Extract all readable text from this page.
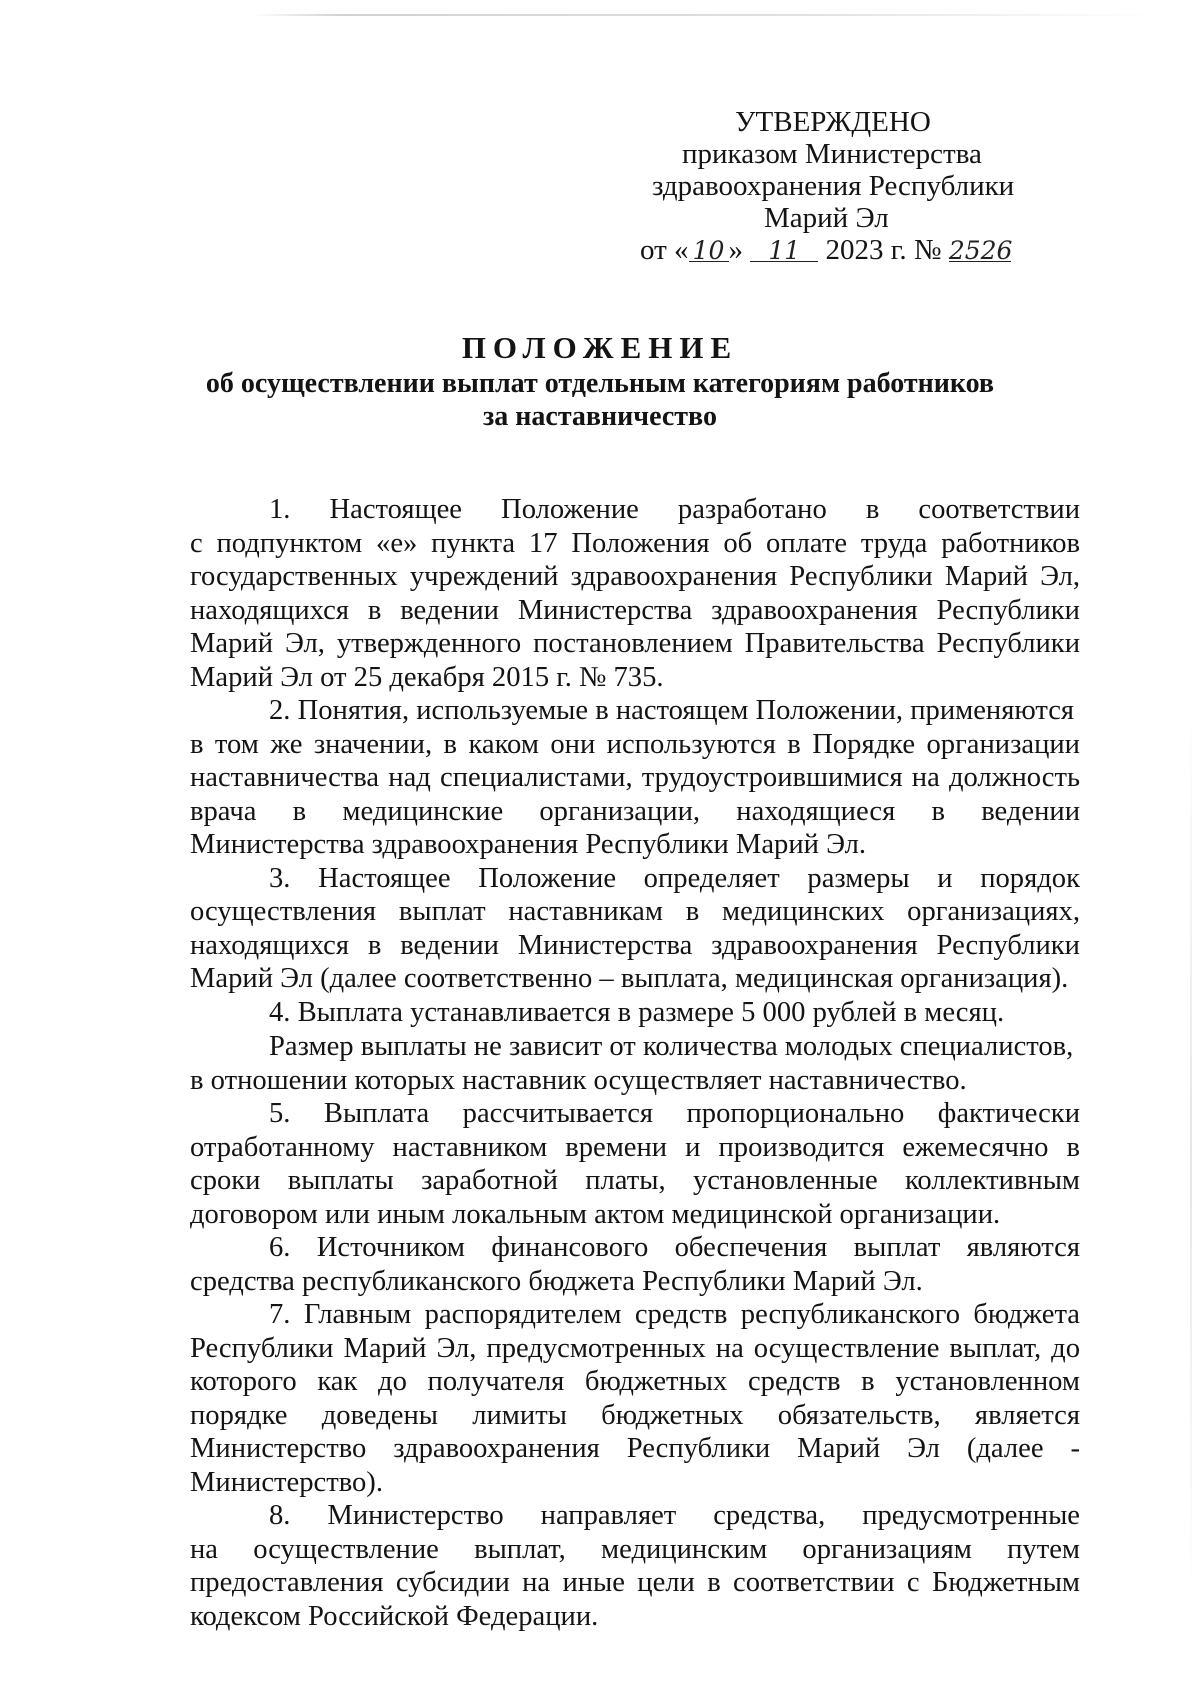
УТВЕРЖДЕНО
приказом Министерства
здравоохранения Республики
Марий Эл
от « 10 » 11 2023 г. № 2526
ПОЛОЖЕНИЕ
об осуществлении выплат отдельным категориям работников
за наставничество

1. Настоящее Положение разработано в соответствии

с подпунктом «е» пункта 17 Положения об оплате труда работников государственных учреждений здравоохранения Республики Марий Эл, находящихся в ведении Министерства здравоохранения Республики Марий Эл, утвержденного постановлением Правительства Республики Марий Эл от 25 декабря 2015 г. № 735.

2. Понятия, используемые в настоящем Положении, применяются

в том же значении, в каком они используются в Порядке организации наставничества над специалистами, трудоустроившимися на должность врача в медицинские организации, находящиеся в ведении Министерства здравоохранения Республики Марий Эл.

3. Настоящее Положение определяет размеры и порядок

осуществления выплат наставникам в медицинских организациях, находящихся в ведении Министерства здравоохранения Республики Марий Эл (далее соответственно – выплата, медицинская организация).

4. Выплата устанавливается в размере 5 000 рублей в месяц.

Размер выплаты не зависит от количества молодых специалистов,

в отношении которых наставник осуществляет наставничество.

5. Выплата рассчитывается пропорционально фактически

отработанному наставником времени и производится ежемесячно в сроки выплаты заработной платы, установленные коллективным договором или иным локальным актом медицинской организации.

6. Источником финансового обеспечения выплат являются

средства республиканского бюджета Республики Марий Эл.

7. Главным распорядителем средств республиканского бюджета

Республики Марий Эл, предусмотренных на осуществление выплат, до которого как до получателя бюджетных средств в установленном порядке доведены лимиты бюджетных обязательств, является Министерство здравоохранения Республики Марий Эл (далее - Министерство).

8. Министерство направляет средства, предусмотренные

на осуществление выплат, медицинским организациям путем предоставления субсидии на иные цели в соответствии с Бюджетным кодексом Российской Федерации.
